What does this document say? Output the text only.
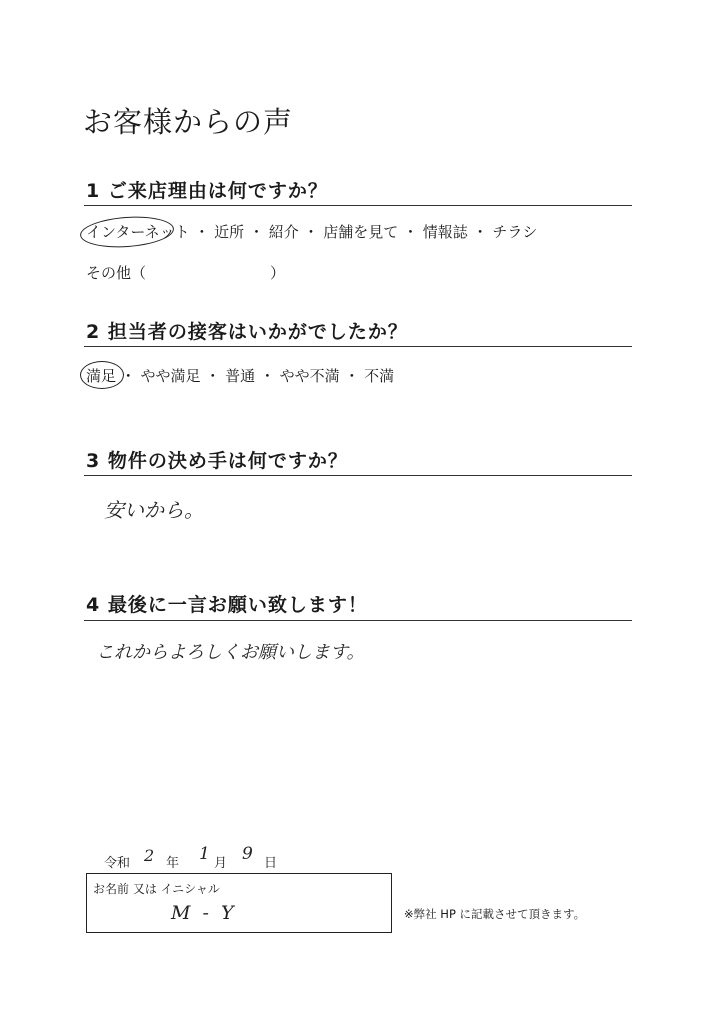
お客様からの声
1 ご来店理由は何ですか？
インターネット ・ 近所 ・ 紹介 ・ 店舗を見て ・ 情報誌 ・ チラシ
その他（                          ）
2 担当者の接客はいかがでしたか？
満足 ・ やや満足 ・ 普通 ・ やや不満 ・ 不満
3 物件の決め手は何ですか？
安いから。
4 最後に一言お願い致します！
これからよろしくお願いします。
令和 2 年 1 月 9 日
お名前 又は イニシャル
M - Y	※弊社 HP に記載させて頂きます。
